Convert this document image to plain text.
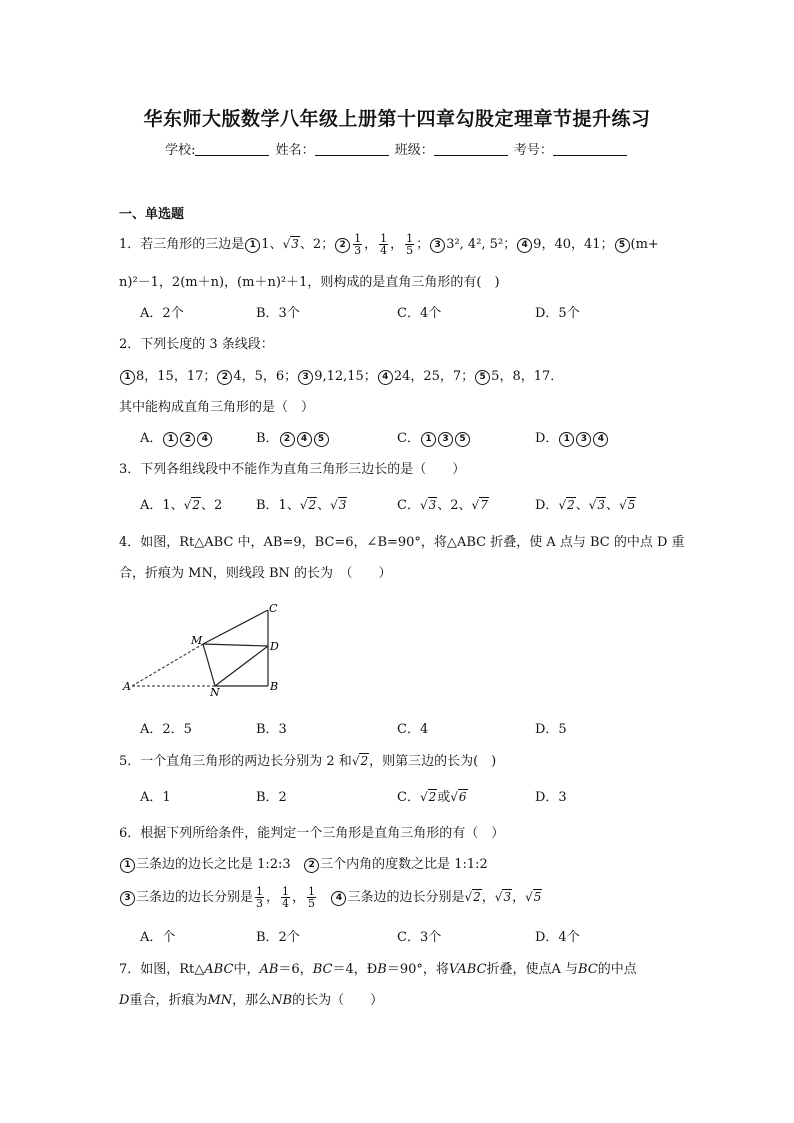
华东师大版数学八年级上册第十四章勾股定理章节提升练习
学校:	姓名：	班级：	考号：
一、单选题
1．若三角形的三边是 1 1、√3、2； $2 \frac{1}{3}$ ， $\frac{1}{4}$ ， $\frac{1}{5}$ ； 3 3², 4², 5²； 4 9，40，41； 5 (m+
n)²－1，2(m＋n)，(m＋n)²＋1，则构成的是直角三角形的有(　)
A．2个	B．3个	C．4个	D．5个
2．下列长度的 3 条线段：
1 8，15，17； 2 4，5，6； 3 9,12,15； 4 24，25，7； 5 5，8，17．
其中能构成直角三角形的是（　）
A． 1 2 4	B． 2 4 5	C． 1 3 5	D． 1 3 4
3．下列各组线段中不能作为直角三角形三边长的是（　　）
A．1、√2、2	B．1、√2、√3	C．√3、2、√7	D．√2、√3、√5
4．如图，Rt△ABC 中，AB=9，BC=6，∠B=90°，将△ABC 折叠，使 A 点与 BC 的中点 D 重
合，折痕为 MN，则线段 BN 的长为　（　　）
C
M	D
A	N	B
A．2．5	B．3	C．4	D．5
5．一个直角三角形的两边长分别为 2 和√2，则第三边的长为(　)
A．1	B．2	C．√2或√6	D．3
6．根据下列所给条件，能判定一个三角形是直角三角形的有（　）
1 三条边的边长之比是 1:2:3 2 三个内角的度数之比是 1:1:2
3 三条边的边长分别是 $\frac{1}{3}$ ， $\frac{1}{4}$ ， $\frac{1}{5} 4$ 三条边的边长分别是√2，√3，√5
A．个	B．2个	C．3个	D．4个
7．如图，Rt△ABC中，AB＝6，BC＝4，ÐB＝90°，将VABC折叠，使点A 与BC的中点
D重合，折痕为MN，那么NB的长为（　　）
